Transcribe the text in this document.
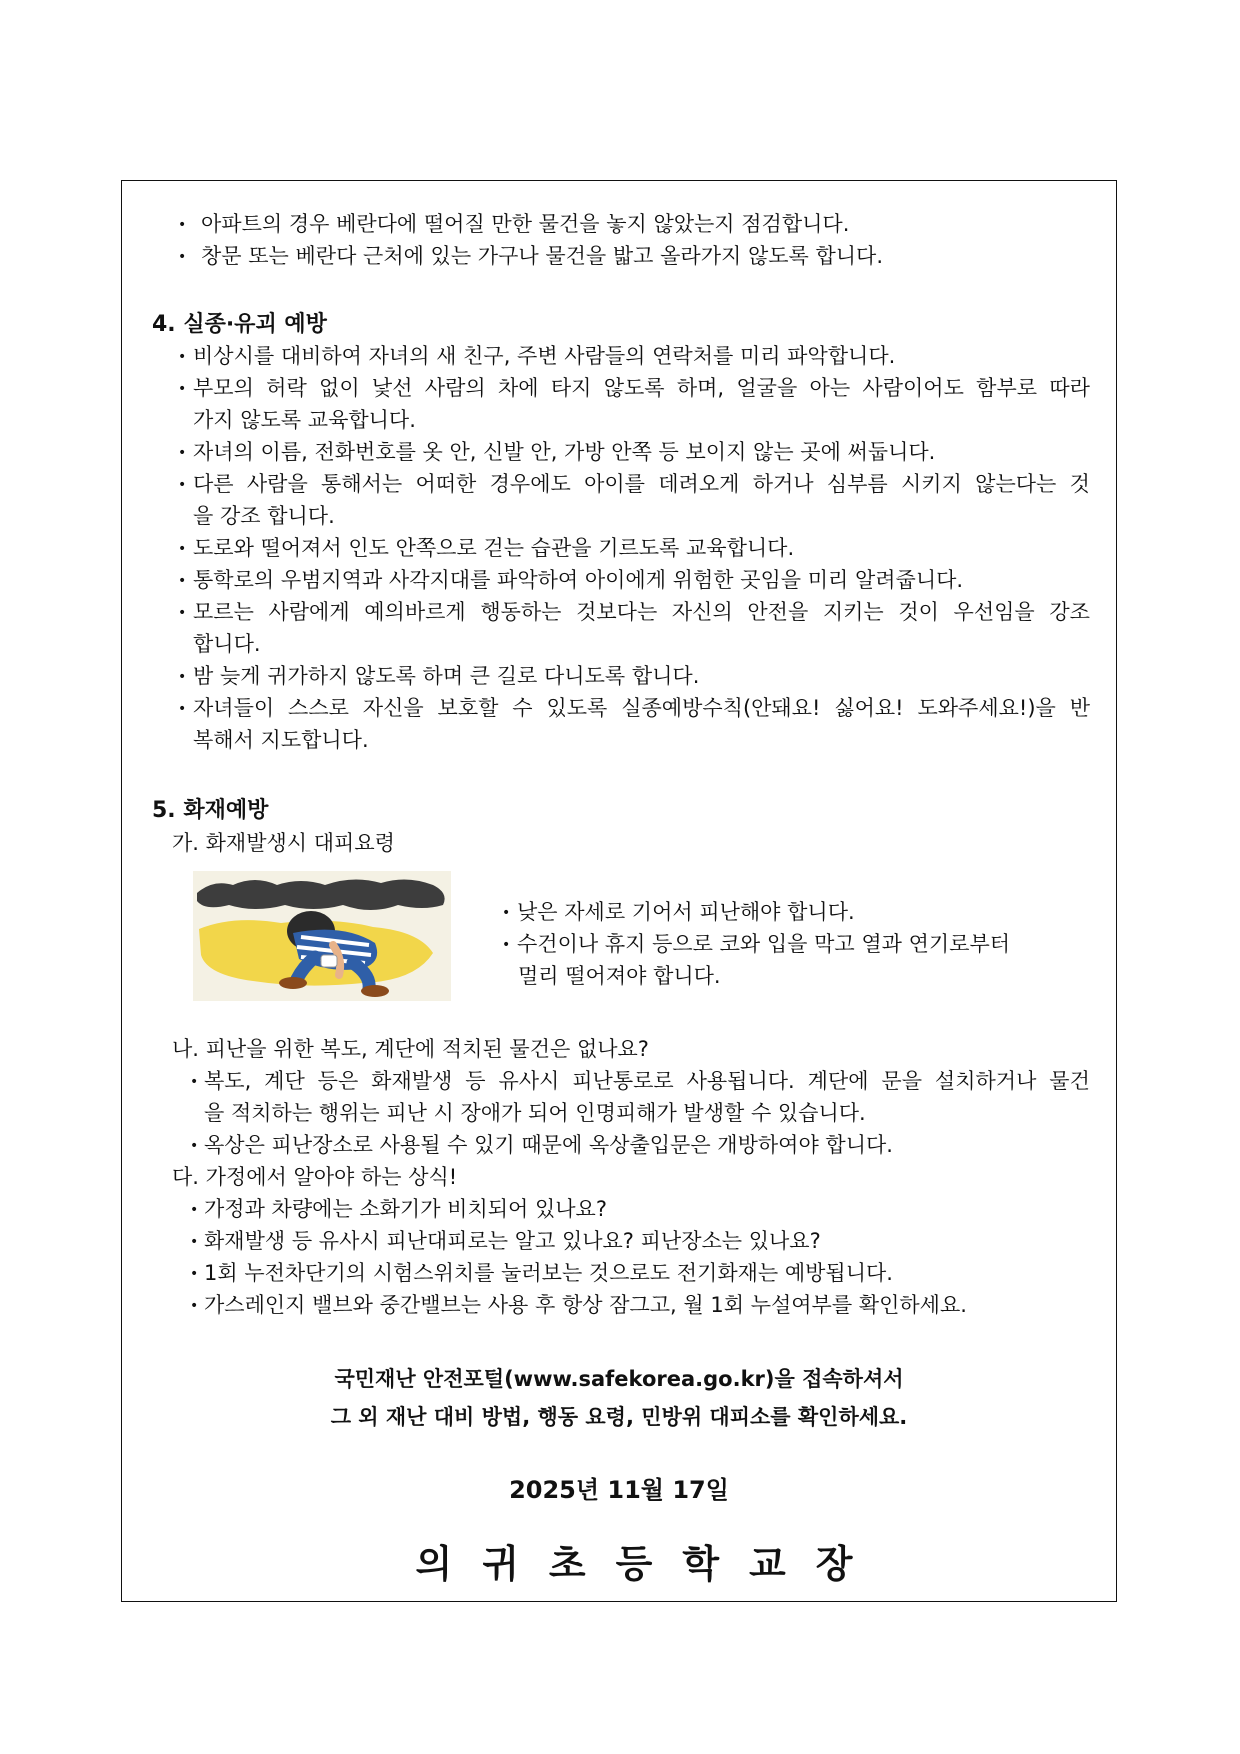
• 아파트의 경우 베란다에 떨어질 만한 물건을 놓지 않았는지 점검합니다.
• 창문 또는 베란다 근처에 있는 가구나 물건을 밟고 올라가지 않도록 합니다.
4. 실종·유괴 예방
• 비상시를 대비하여 자녀의 새 친구, 주변 사람들의 연락처를 미리 파악합니다.
• 부모의 허락 없이 낯선 사람의 차에 타지 않도록 하며, 얼굴을 아는 사람이어도 함부로 따라
가지 않도록 교육합니다.
• 자녀의 이름, 전화번호를 옷 안, 신발 안, 가방 안쪽 등 보이지 않는 곳에 써둡니다.
• 다른 사람을 통해서는 어떠한 경우에도 아이를 데려오게 하거나 심부름 시키지 않는다는 것
을 강조 합니다.
• 도로와 떨어져서 인도 안쪽으로 걷는 습관을 기르도록 교육합니다.
• 통학로의 우범지역과 사각지대를 파악하여 아이에게 위험한 곳임을 미리 알려줍니다.
• 모르는 사람에게 예의바르게 행동하는 것보다는 자신의 안전을 지키는 것이 우선임을 강조
합니다.
• 밤 늦게 귀가하지 않도록 하며 큰 길로 다니도록 합니다.
• 자녀들이 스스로 자신을 보호할 수 있도록 실종예방수칙(안돼요! 싫어요! 도와주세요!)을 반
복해서 지도합니다.
5. 화재예방
가. 화재발생시 대피요령
• 낮은 자세로 기어서 피난해야 합니다.
• 수건이나 휴지 등으로 코와 입을 막고 열과 연기로부터
멀리 떨어져야 합니다.
나. 피난을 위한 복도, 계단에 적치된 물건은 없나요?
• 복도, 계단 등은 화재발생 등 유사시 피난통로로 사용됩니다. 계단에 문을 설치하거나 물건
을 적치하는 행위는 피난 시 장애가 되어 인명피해가 발생할 수 있습니다.
• 옥상은 피난장소로 사용될 수 있기 때문에 옥상출입문은 개방하여야 합니다.
다. 가정에서 알아야 하는 상식!
• 가정과 차량에는 소화기가 비치되어 있나요?
• 화재발생 등 유사시 피난대피로는 알고 있나요? 피난장소는 있나요?
• 1회 누전차단기의 시험스위치를 눌러보는 것으로도 전기화재는 예방됩니다.
• 가스레인지 밸브와 중간밸브는 사용 후 항상 잠그고, 월 1회 누설여부를 확인하세요.
국민재난 안전포털(www.safekorea.go.kr)을 접속하셔서
그 외 재난 대비 방법, 행동 요령, 민방위 대피소를 확인하세요.
2025년 11월 17일
의귀초등학교장
